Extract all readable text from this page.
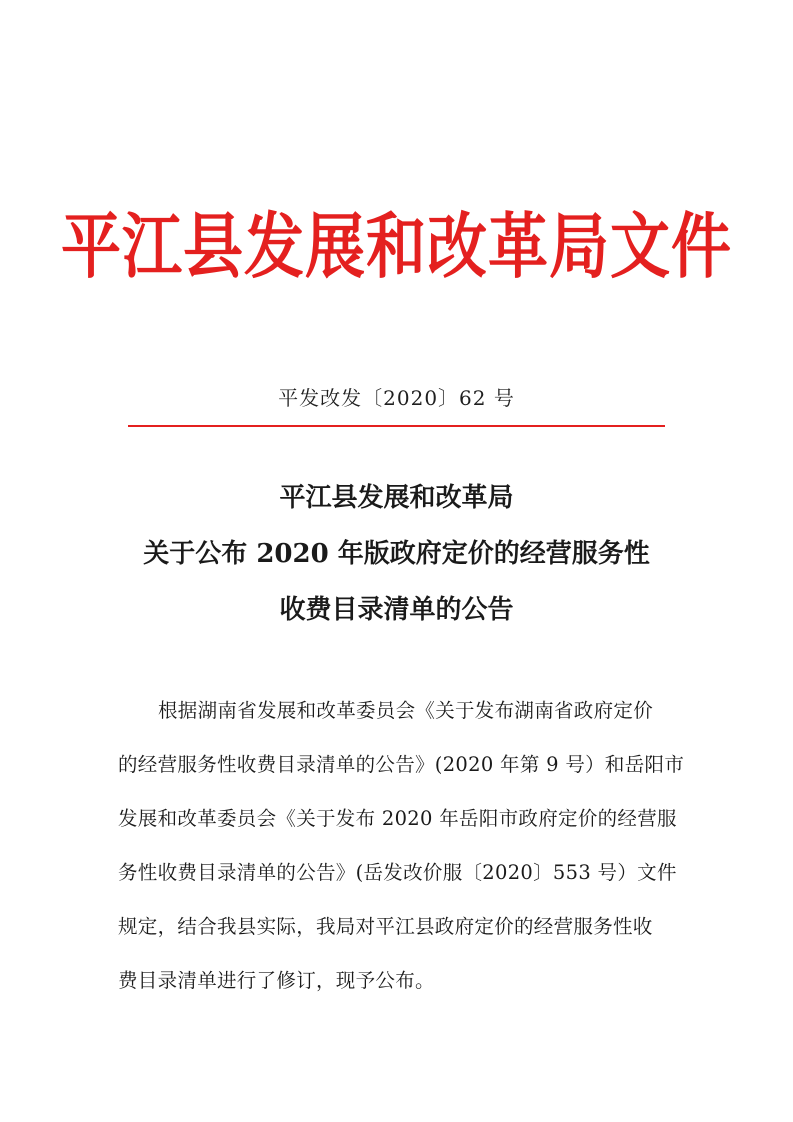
平江县发展和改革局文件
平发改发〔2020〕62 号
平江县发展和改革局
关于公布 2020 年版政府定价的经营服务性
收费目录清单的公告
根据湖南省发展和改革委员会《关于发布湖南省政府定价
的经营服务性收费目录清单的公告》(2020 年第 9 号）和岳阳市
发展和改革委员会《关于发布 2020 年岳阳市政府定价的经营服
务性收费目录清单的公告》(岳发改价服〔2020〕553 号）文件
规定，结合我县实际，我局对平江县政府定价的经营服务性收
费目录清单进行了修订，现予公布。
